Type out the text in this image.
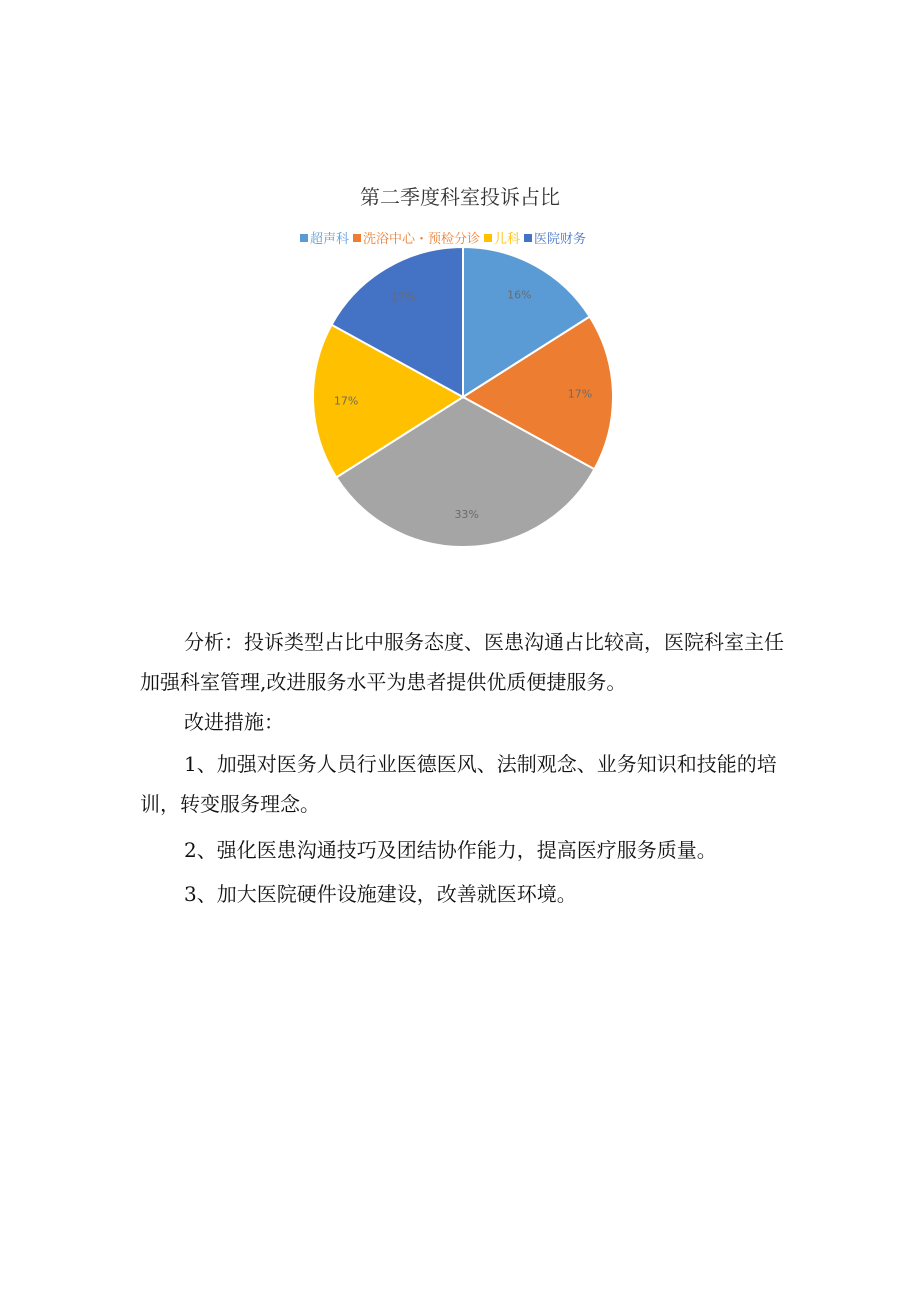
第二季度科室投诉占比
超声科 洗浴中心・预检分诊 儿科 医院财务
16%
17%
33%
17%
17%

分析：投诉类型占比中服务态度、医患沟通占比较高，医院科室主任加强科室管理,改进服务水平为患者提供优质便捷服务。

改进措施：

1、加强对医务人员行业医德医风、法制观念、业务知识和技能的培训，转变服务理念。

2、强化医患沟通技巧及团结协作能力，提高医疗服务质量。

3、加大医院硬件设施建设，改善就医环境。
